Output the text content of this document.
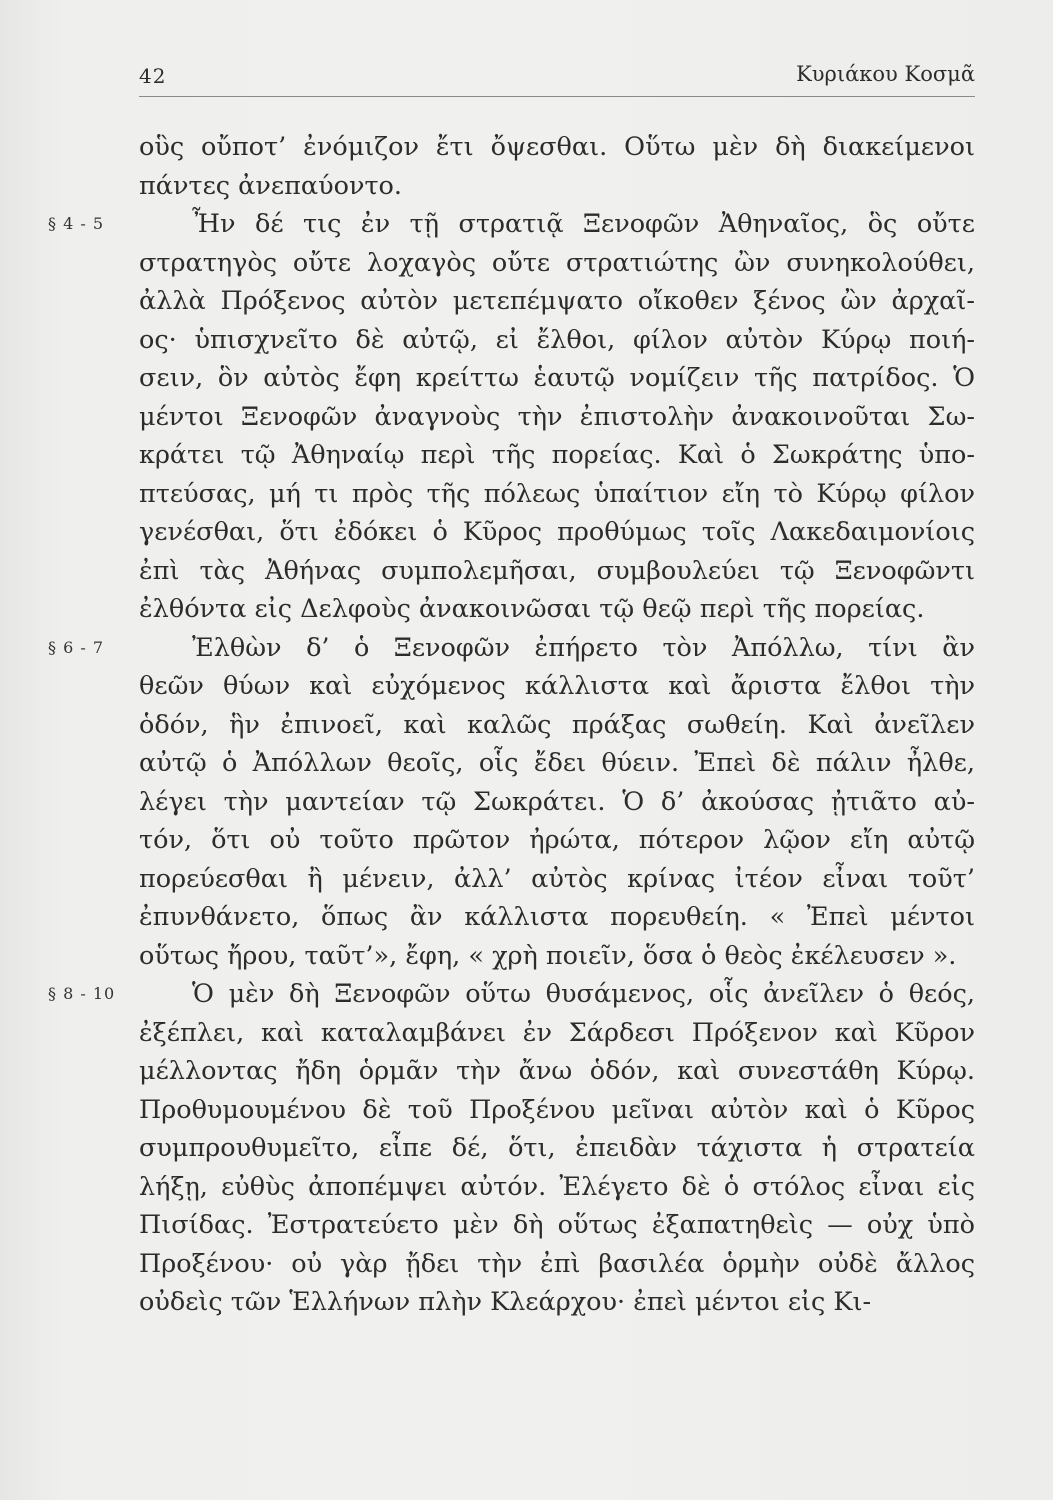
42	Κυριάκου Κοσμᾶ
οὓς οὔποτ’ ἐνόμιζον ἔτι ὄψεσθαι. Οὕτω μὲν δὴ διακείμενοι
πάντες ἀνεπαύοντο.
§ 4 - 5	Ἦν δέ τις ἐν τῇ στρατιᾷ Ξενοφῶν Ἀθηναῖος, ὃς οὔτε
στρατηγὸς οὔτε λοχαγὸς οὔτε στρατιώτης ὢν συνηκολούθει,
ἀλλὰ Πρόξενος αὐτὸν μετεπέμψατο οἴκοθεν ξένος ὢν ἀρχαῖ-
ος· ὑπισχνεῖτο δὲ αὐτῷ, εἰ ἔλθοι, φίλον αὐτὸν Κύρῳ ποιή-
σειν, ὃν αὐτὸς ἔφη κρείττω ἑαυτῷ νομίζειν τῆς πατρίδος. Ὁ
μέντοι Ξενοφῶν ἀναγνοὺς τὴν ἐπιστολὴν ἀνακοινοῦται Σω-
κράτει τῷ Ἀθηναίῳ περὶ τῆς πορείας. Καὶ ὁ Σωκράτης ὑπο-
πτεύσας, μή τι πρὸς τῆς πόλεως ὑπαίτιον εἴη τὸ Κύρῳ φίλον
γενέσθαι, ὅτι ἐδόκει ὁ Κῦρος προθύμως τοῖς Λακεδαιμονίοις
ἐπὶ τὰς Ἀθήνας συμπολεμῆσαι, συμβουλεύει τῷ Ξενοφῶντι
ἐλθόντα εἰς Δελφοὺς ἀνακοινῶσαι τῷ θεῷ περὶ τῆς πορείας.
§ 6 - 7	Ἐλθὼν δ’ ὁ Ξενοφῶν ἐπήρετο τὸν Ἀπόλλω, τίνι ἂν
θεῶν θύων καὶ εὐχόμενος κάλλιστα καὶ ἄριστα ἔλθοι τὴν
ὁδόν, ἣν ἐπινοεῖ, καὶ καλῶς πράξας σωθείη. Καὶ ἀνεῖλεν
αὐτῷ ὁ Ἀπόλλων θεοῖς, οἷς ἔδει θύειν. Ἐπεὶ δὲ πάλιν ἦλθε,
λέγει τὴν μαντείαν τῷ Σωκράτει. Ὁ δ’ ἀκούσας ᾐτιᾶτο αὐ-
τόν, ὅτι οὐ τοῦτο πρῶτον ἠρώτα, πότερον λῷον εἴη αὐτῷ
πορεύεσθαι ἢ μένειν, ἀλλ’ αὐτὸς κρίνας ἰτέον εἶναι τοῦτ’
ἐπυνθάνετο, ὅπως ἂν κάλλιστα πορευθείη. « Ἐπεὶ μέντοι
οὕτως ἤρου, ταῦτ’», ἔφη, « χρὴ ποιεῖν, ὅσα ὁ θεὸς ἐκέλευσεν ».
§ 8 - 10	Ὁ μὲν δὴ Ξενοφῶν οὕτω θυσάμενος, οἷς ἀνεῖλεν ὁ θεός,
ἐξέπλει, καὶ καταλαμβάνει ἐν Σάρδεσι Πρόξενον καὶ Κῦρον
μέλλοντας ἤδη ὁρμᾶν τὴν ἄνω ὁδόν, καὶ συνεστάθη Κύρῳ.
Προθυμουμένου δὲ τοῦ Προξένου μεῖναι αὐτὸν καὶ ὁ Κῦρος
συμπρουθυμεῖτο, εἶπε δέ, ὅτι, ἐπειδὰν τάχιστα ἡ στρατεία
λήξῃ, εὐθὺς ἀποπέμψει αὐτόν. Ἐλέγετο δὲ ὁ στόλος εἶναι εἰς
Πισίδας. Ἐστρατεύετο μὲν δὴ οὕτως ἐξαπατηθεὶς — οὐχ ὑπὸ
Προξένου· οὐ γὰρ ᾔδει τὴν ἐπὶ βασιλέα ὁρμὴν οὐδὲ ἄλλος
οὐδεὶς τῶν Ἑλλήνων πλὴν Κλεάρχου· ἐπεὶ μέντοι εἰς Κι-
